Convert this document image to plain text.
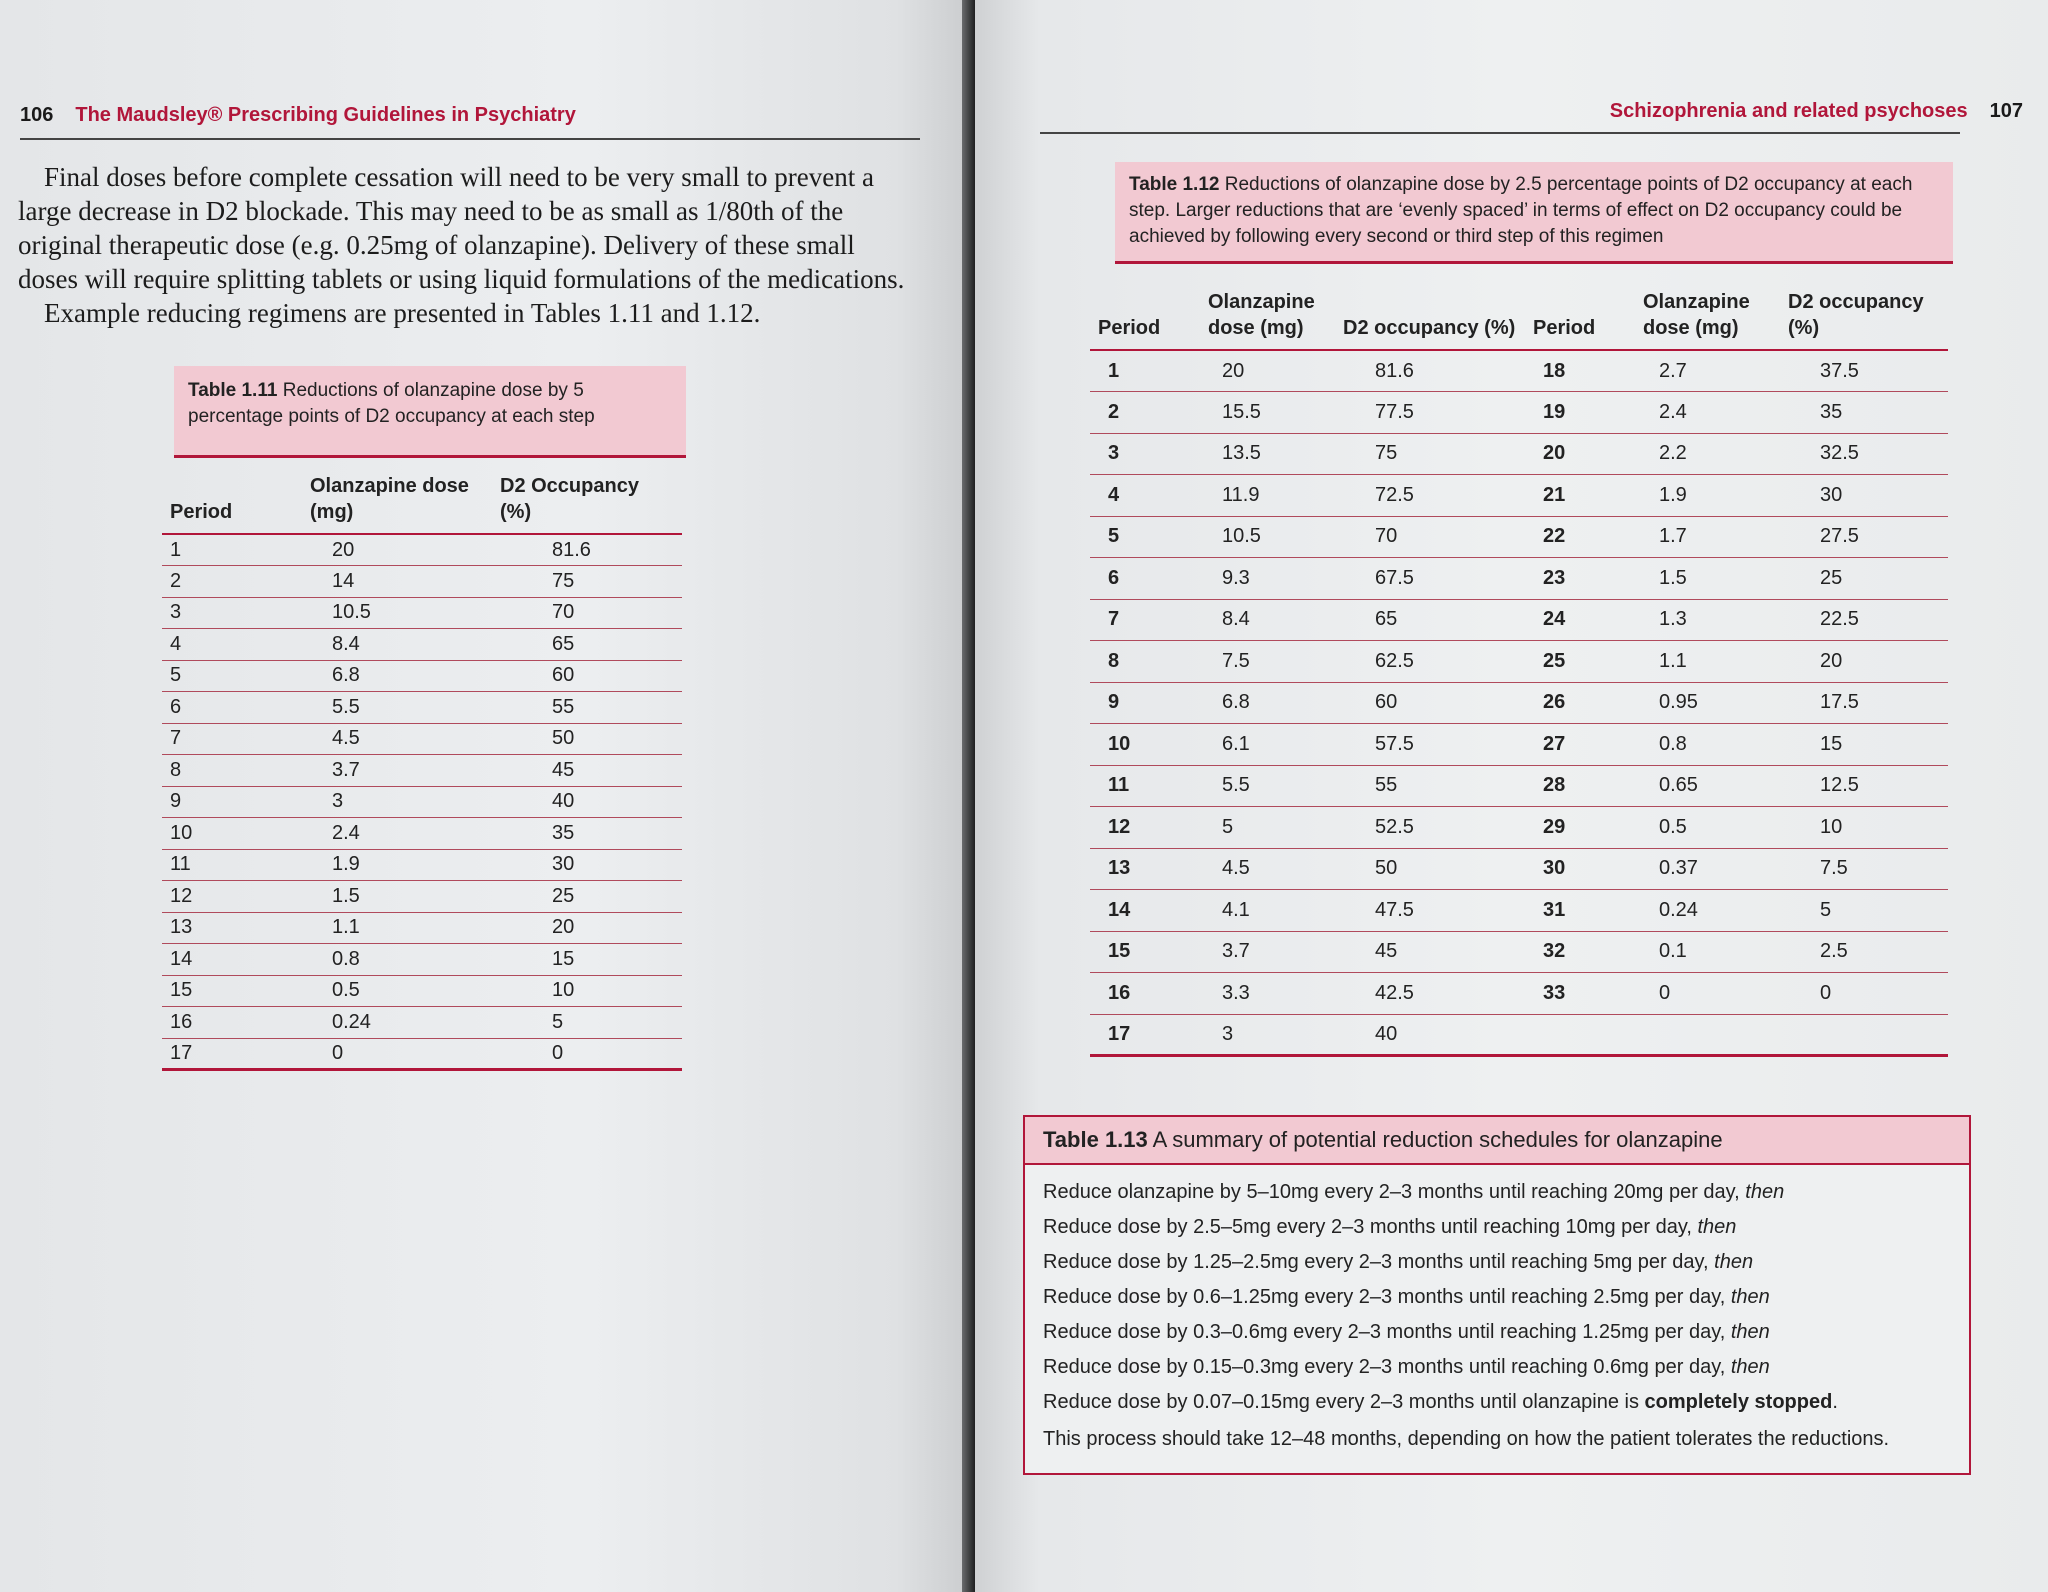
106 The Maudsley® Prescribing Guidelines in Psychiatry

Final doses before complete cessation will need to be very small to prevent a large decrease in D2 blockade. This may need to be as small as 1/80th of the original therapeutic dose (e.g. 0.25mg of olanzapine). Delivery of these small doses will require splitting tablets or using liquid formulations of the medications.

Example reducing regimens are presented in Tables 1.11 and 1.12.

Table 1.11 Reductions of olanzapine dose by 5 percentage points of D2 occupancy at each step
Period	Olanzapine dose (mg)	D2 Occupancy (%)
1	20	81.6
2	14	75
3	10.5	70
4	8.4	65
5	6.8	60
6	5.5	55
7	4.5	50
8	3.7	45
9	3	40
10	2.4	35
11	1.9	30
12	1.5	25
13	1.1	20
14	0.8	15
15	0.5	10
16	0.24	5
17	0	0
Schizophrenia and related psychoses 107
Table 1.12 Reductions of olanzapine dose by 2.5 percentage points of D2 occupancy at each step. Larger reductions that are ‘evenly spaced’ in terms of effect on D2 occupancy could be achieved by following every second or third step of this regimen
Period	Olanzapine dose (mg)	D2 occupancy (%)	Period	Olanzapine dose (mg)	D2 occupancy (%)
1	20	81.6	18	2.7	37.5
2	15.5	77.5	19	2.4	35
3	13.5	75	20	2.2	32.5
4	11.9	72.5	21	1.9	30
5	10.5	70	22	1.7	27.5
6	9.3	67.5	23	1.5	25
7	8.4	65	24	1.3	22.5
8	7.5	62.5	25	1.1	20
9	6.8	60	26	0.95	17.5
10	6.1	57.5	27	0.8	15
11	5.5	55	28	0.65	12.5
12	5	52.5	29	0.5	10
13	4.5	50	30	0.37	7.5
14	4.1	47.5	31	0.24	5
15	3.7	45	32	0.1	2.5
16	3.3	42.5	33	0	0
17	3	40			
Table 1.13 A summary of potential reduction schedules for olanzapine
Reduce olanzapine by 5–10mg every 2–3 months until reaching 20mg per day, then
Reduce dose by 2.5–5mg every 2–3 months until reaching 10mg per day, then
Reduce dose by 1.25–2.5mg every 2–3 months until reaching 5mg per day, then
Reduce dose by 0.6–1.25mg every 2–3 months until reaching 2.5mg per day, then
Reduce dose by 0.3–0.6mg every 2–3 months until reaching 1.25mg per day, then
Reduce dose by 0.15–0.3mg every 2–3 months until reaching 0.6mg per day, then
Reduce dose by 0.07–0.15mg every 2–3 months until olanzapine is completely stopped.
This process should take 12–48 months, depending on how the patient tolerates the reductions.
